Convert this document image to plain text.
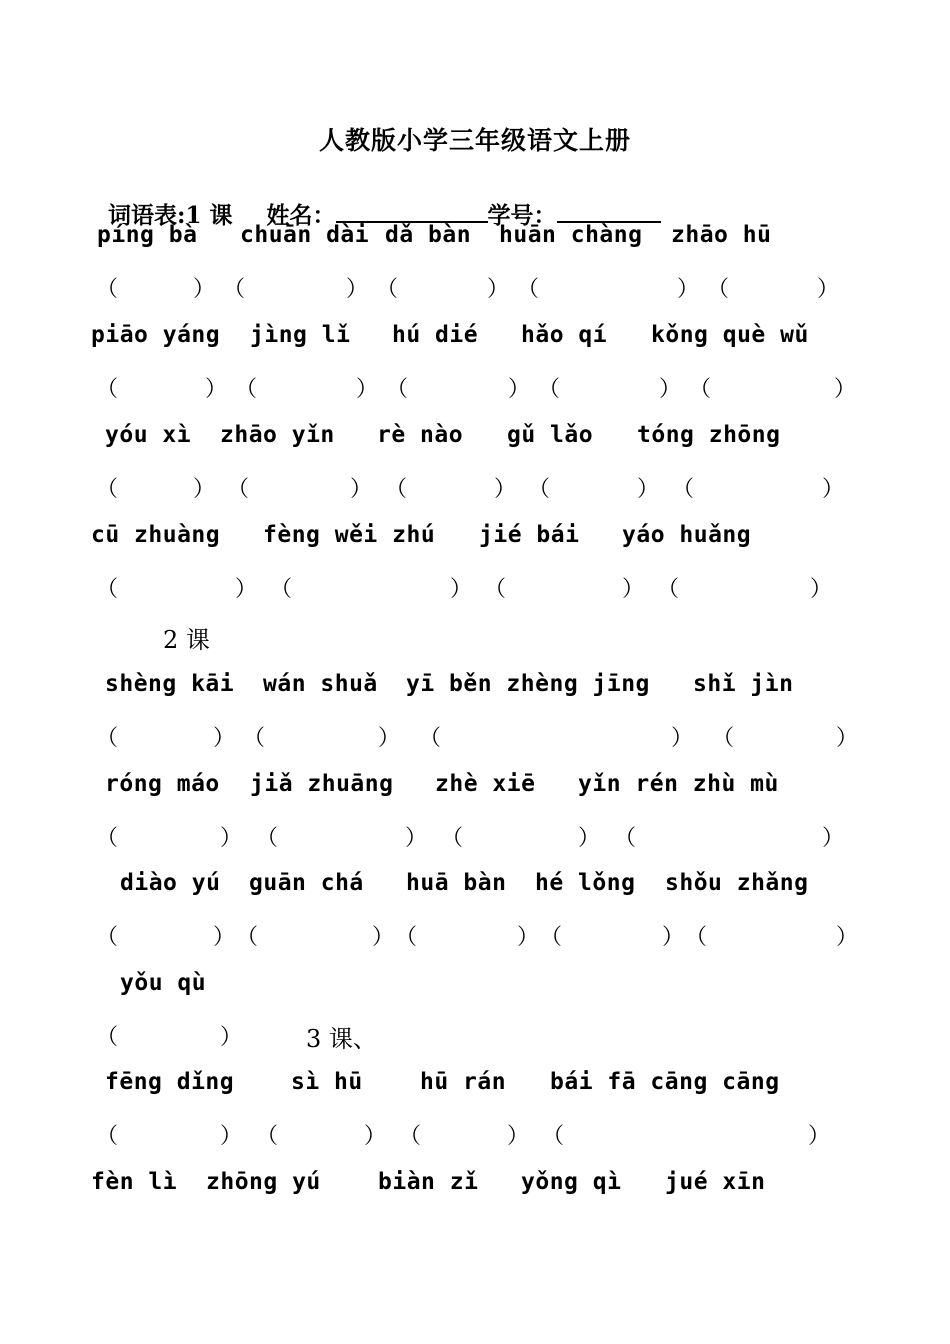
人教版小学三年级语文上册

词语表:1 课 姓名：	学号：

píng bà chuān dài dǎ bàn huān chàng zhāo hū
（	） （	） （	） （	） （	）
piāo yáng jìng lǐ hú dié hǎo qí kǒng què wǔ
（	） （	） （	） （	） （	）
yóu xì zhāo yǐn rè nào gǔ lǎo tóng zhōng
（	） （	） （	） （	） （	）
cū zhuàng fèng wěi zhú jié bái yáo huǎng
（	） （	） （	） （	）
2 课
shèng kāi wán shuǎ yī běn zhèng jīng shǐ jìn
（	） （	） （	） （	）
róng máo jiǎ zhuāng zhè xiē yǐn rén zhù mù
（	） （	） （	） （	）
diào yú guān chá huā bàn hé lǒng shǒu zhǎng
（	） （	） （	） （	） （	）
yǒu qù
（	）	3 课、
fēng dǐng sì hū hū rán bái fā cāng cāng
（	） （	） （	） （	）
fèn lì zhōng yú biàn zǐ yǒng qì jué xīn
